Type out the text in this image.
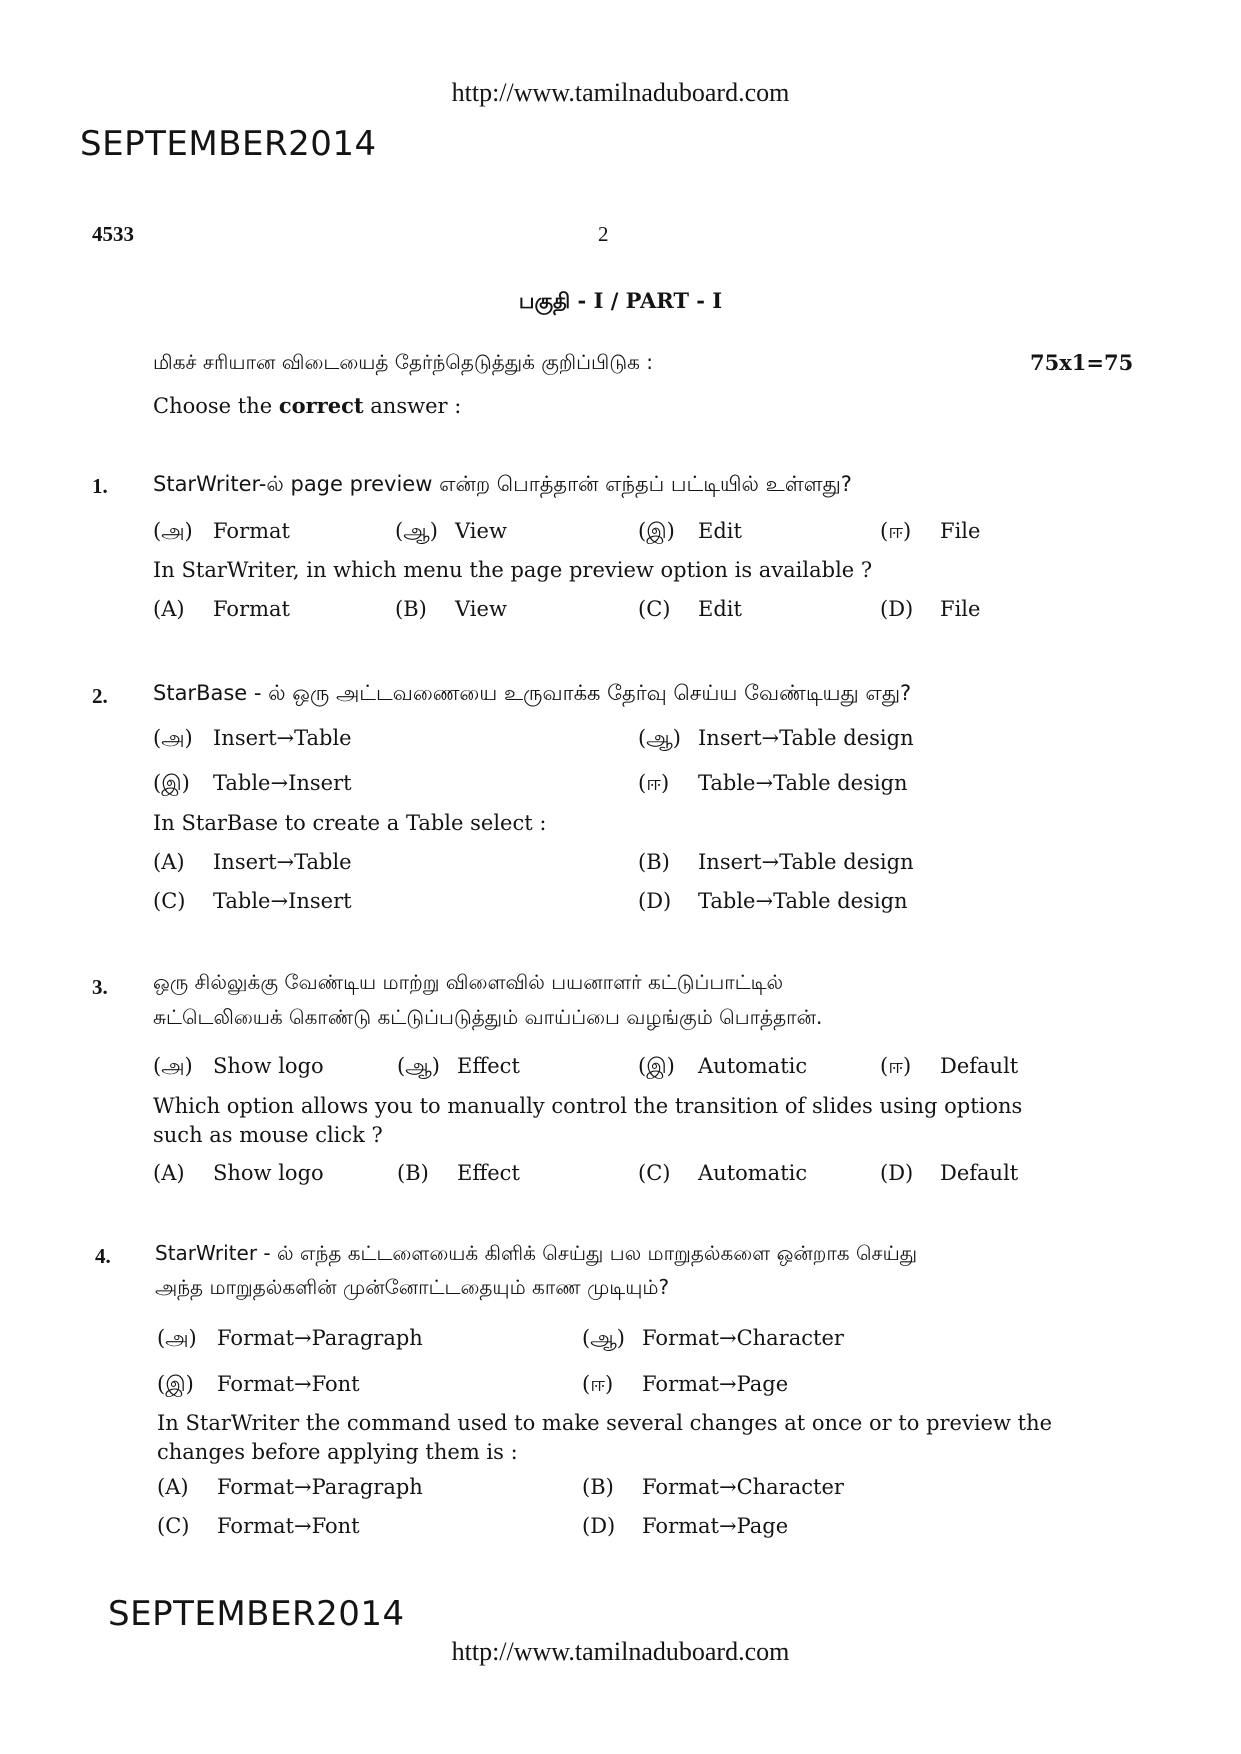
http://www.tamilnaduboard.com
SEPTEMBER2014
4533	2
பகுதி - I / PART - I
மிகச் சரியான விடையைத் தேர்ந்தெடுத்துக் குறிப்பிடுக :	75x1=75
Choose the correct answer :
1. StarWriter-ல் page preview என்ற பொத்தான் எந்தப் பட்டியில் உள்ளது?
(அ) Format	(ஆ) View	(இ) Edit	(ஈ) File
In StarWriter, in which menu the page preview option is available ?
(A) Format	(B) View	(C) Edit	(D) File
2. StarBase - ல் ஒரு அட்டவணையை உருவாக்க தேர்வு செய்ய வேண்டியது எது?
(அ) Insert→Table	(ஆ) Insert→Table design
(இ) Table→Insert	(ஈ) Table→Table design
In StarBase to create a Table select :
(A) Insert→Table	(B) Insert→Table design
(C) Table→Insert	(D) Table→Table design
3. ஒரு சில்லுக்கு வேண்டிய மாற்று விளைவில் பயனாளர் கட்டுப்பாட்டில்
சுட்டெலியைக் கொண்டு கட்டுப்படுத்தும் வாய்ப்பை வழங்கும் பொத்தான்.
(அ) Show logo	(ஆ) Effect	(இ) Automatic	(ஈ) Default
Which option allows you to manually control the transition of slides using options
such as mouse click ?
(A) Show logo	(B) Effect	(C) Automatic	(D) Default
4. StarWriter - ல் எந்த கட்டளையைக் கிளிக் செய்து பல மாறுதல்களை ஒன்றாக செய்து
அந்த மாறுதல்களின் முன்னோட்டதையும் காண முடியும்?
(அ) Format→Paragraph	(ஆ) Format→Character
(இ) Format→Font	(ஈ) Format→Page
In StarWriter the command used to make several changes at once or to preview the
changes before applying them is :
(A) Format→Paragraph	(B) Format→Character
(C) Format→Font	(D) Format→Page
SEPTEMBER2014
http://www.tamilnaduboard.com
